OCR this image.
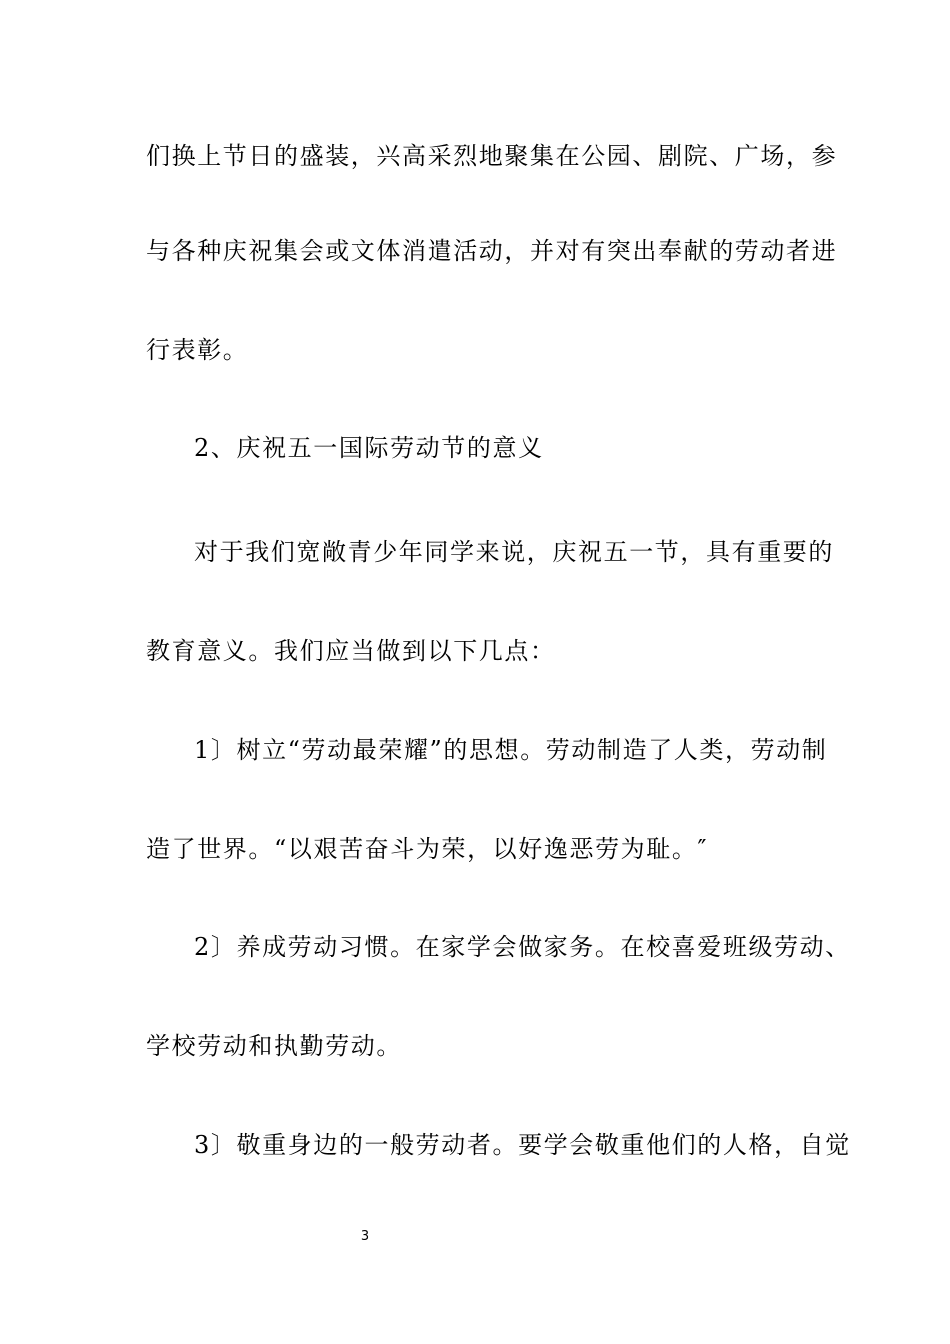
们换上节日的盛装，兴高采烈地聚集在公园、剧院、广场，参
与各种庆祝集会或文体消遣活动，并对有突出奉献的劳动者进
行表彰。
2、庆祝五一国际劳动节的意义
对于我们宽敞青少年同学来说，庆祝五一节，具有重要的
教育意义。我们应当做到以下几点：
1〕树立“劳动最荣耀”的思想。劳动制造了人类，劳动制
造了世界。“以艰苦奋斗为荣，以好逸恶劳为耻。″
2〕养成劳动习惯。在家学会做家务。在校喜爱班级劳动、
学校劳动和执勤劳动。
3〕敬重身边的一般劳动者。要学会敬重他们的人格，自觉
3
